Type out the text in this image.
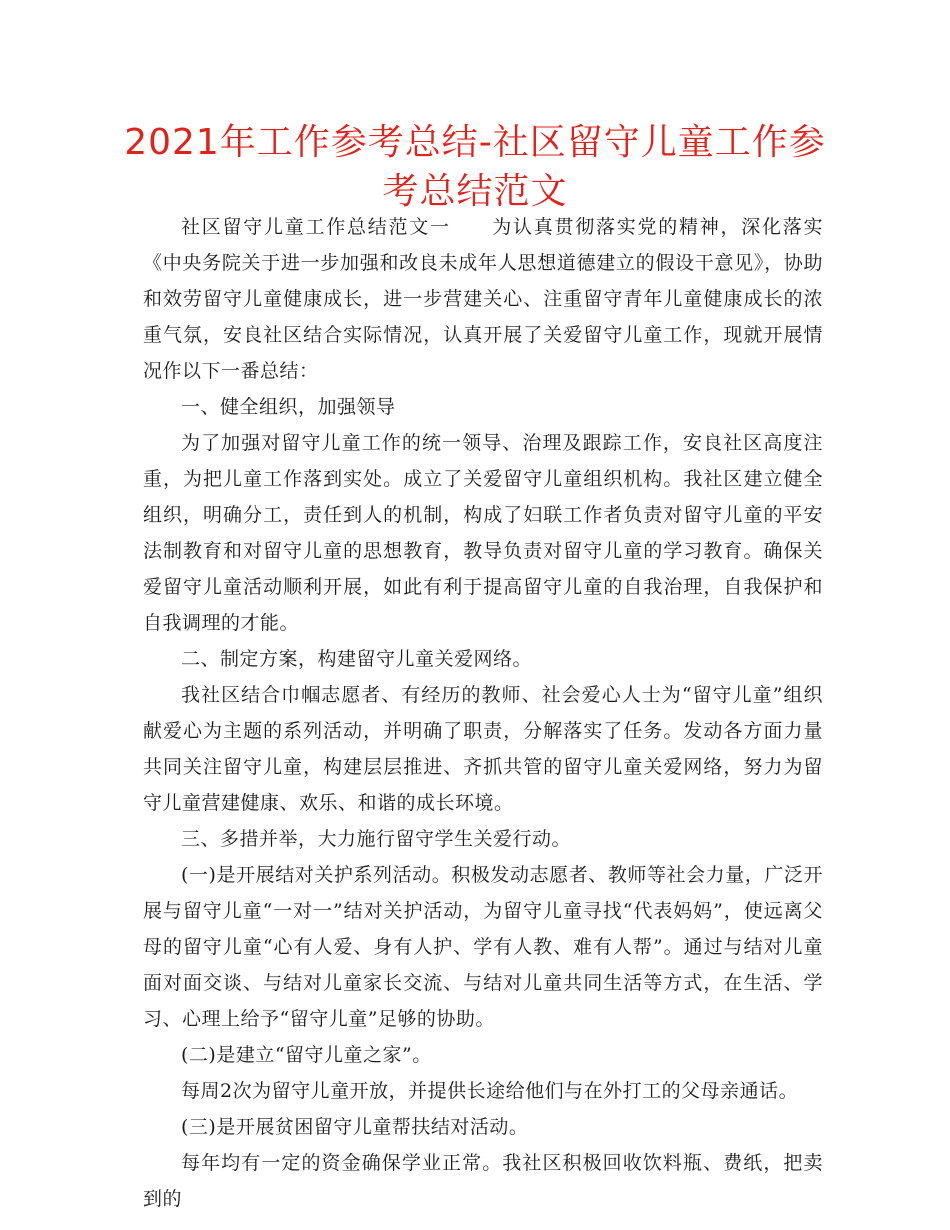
2021年工作参考总结-社区留守儿童工作参考总结范文

社区留守儿童工作总结范文一　　为认真贯彻落实党的精神，深化落实《中央务院关于进一步加强和改良未成年人思想道德建立的假设干意见》，协助和效劳留守儿童健康成长，进一步营建关心、注重留守青年儿童健康成长的浓重气氛，安良社区结合实际情况，认真开展了关爱留守儿童工作，现就开展情况作以下一番总结：

一、健全组织，加强领导

为了加强对留守儿童工作的统一领导、治理及跟踪工作，安良社区高度注重，为把儿童工作落到实处。成立了关爱留守儿童组织机构。我社区建立健全组织，明确分工，责任到人的机制，构成了妇联工作者负责对留守儿童的平安法制教育和对留守儿童的思想教育，教导负责对留守儿童的学习教育。确保关爱留守儿童活动顺利开展，如此有利于提高留守儿童的自我治理，自我保护和自我调理的才能。

二、制定方案，构建留守儿童关爱网络。

我社区结合巾帼志愿者、有经历的教师、社会爱心人士为“留守儿童”组织献爱心为主题的系列活动，并明确了职责，分解落实了任务。发动各方面力量共同关注留守儿童，构建层层推进、齐抓共管的留守儿童关爱网络，努力为留守儿童营建健康、欢乐、和谐的成长环境。

三、多措并举，大力施行留守学生关爱行动。

(一)是开展结对关护系列活动。积极发动志愿者、教师等社会力量，广泛开展与留守儿童“一对一”结对关护活动，为留守儿童寻找“代表妈妈”，使远离父母的留守儿童“心有人爱、身有人护、学有人教、难有人帮”。通过与结对儿童面对面交谈、与结对儿童家长交流、与结对儿童共同生活等方式，在生活、学习、心理上给予“留守儿童”足够的协助。

(二)是建立“留守儿童之家”。

每周2次为留守儿童开放，并提供长途给他们与在外打工的父母亲通话。

(三)是开展贫困留守儿童帮扶结对活动。

每年均有一定的资金确保学业正常。我社区积极回收饮料瓶、费纸，把卖到的
